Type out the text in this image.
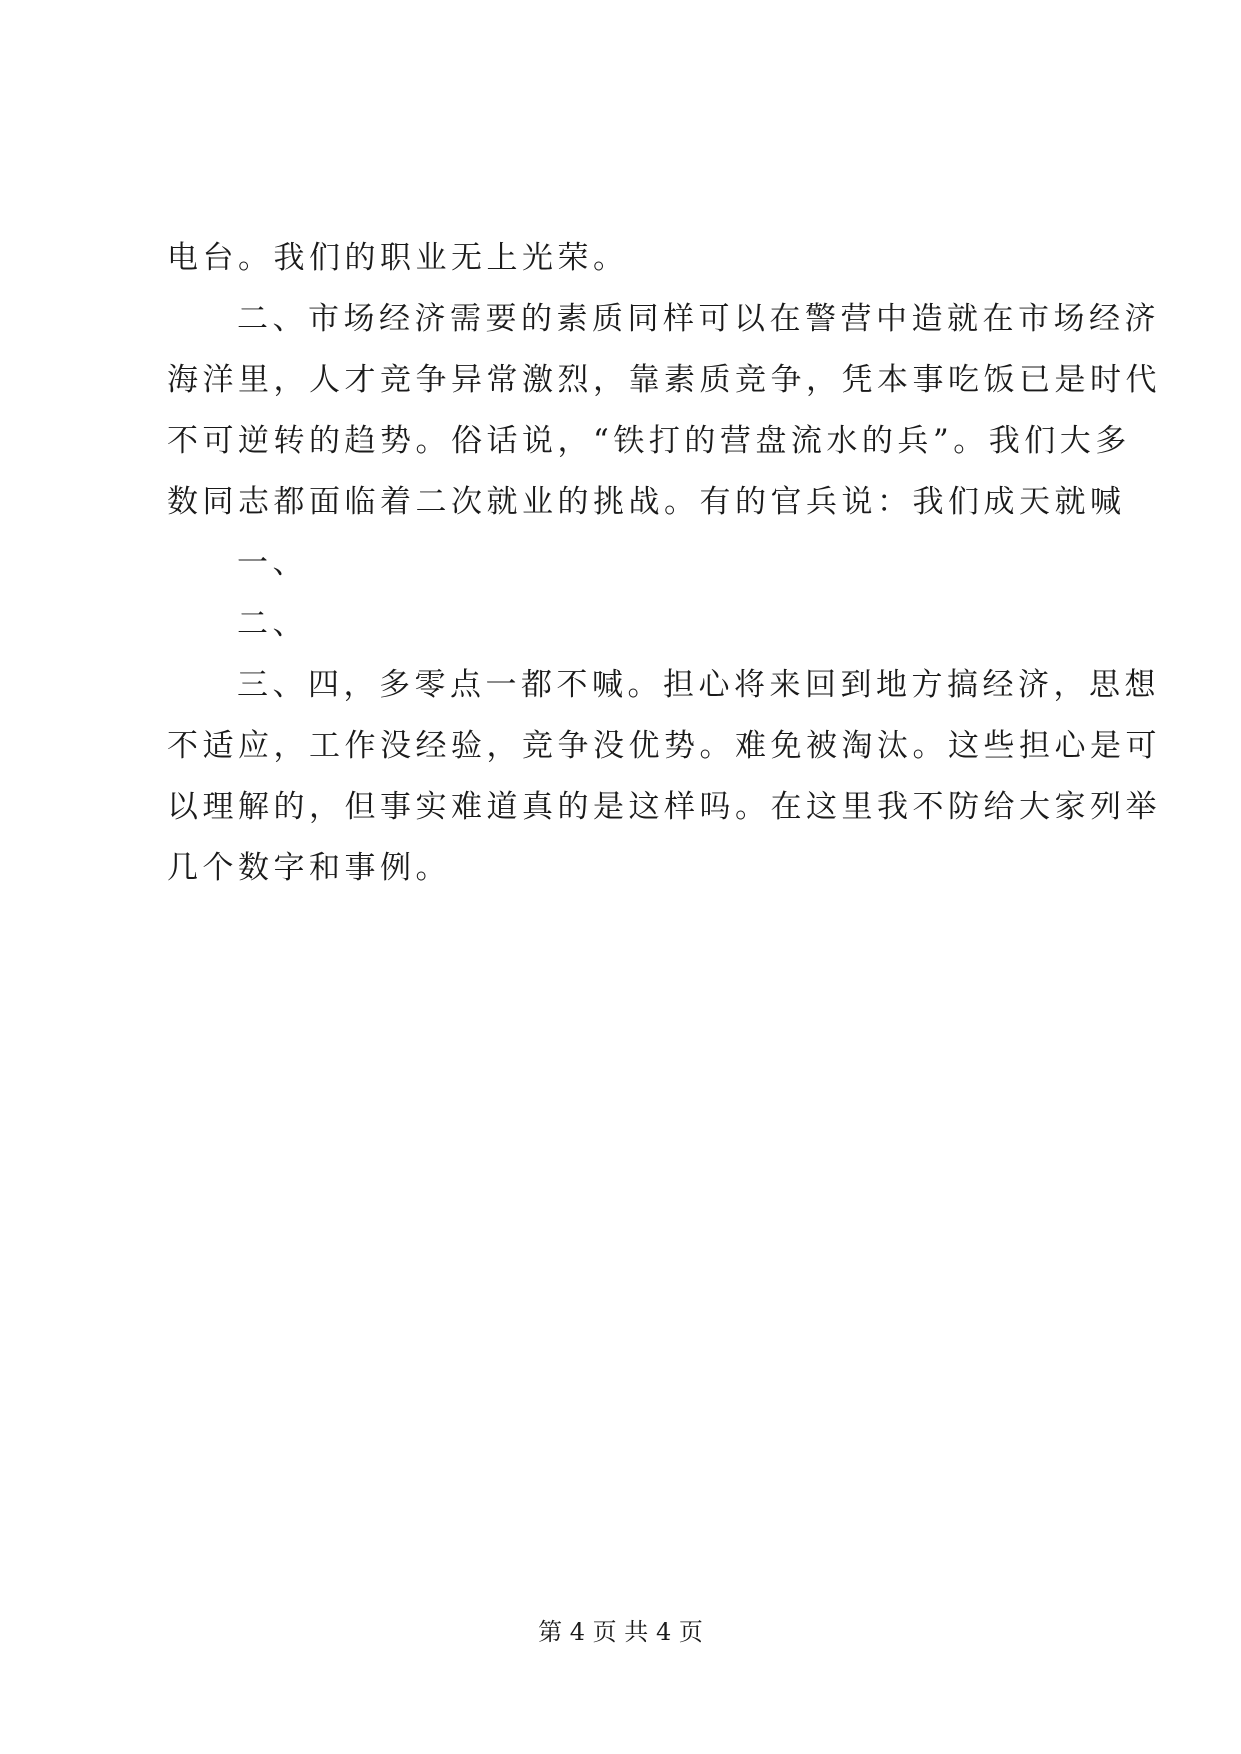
电台。我们的职业无上光荣。
二、市场经济需要的素质同样可以在警营中造就在市场经济
海洋里，人才竞争异常激烈，靠素质竞争，凭本事吃饭已是时代
不可逆转的趋势。俗话说，“铁打的营盘流水的兵”。我们大多
数同志都面临着二次就业的挑战。有的官兵说：我们成天就喊
一、
二、
三、四，多零点一都不喊。担心将来回到地方搞经济，思想
不适应，工作没经验，竞争没优势。难免被淘汰。这些担心是可
以理解的，但事实难道真的是这样吗。在这里我不防给大家列举
几个数字和事例。
第 4 页 共 4 页
